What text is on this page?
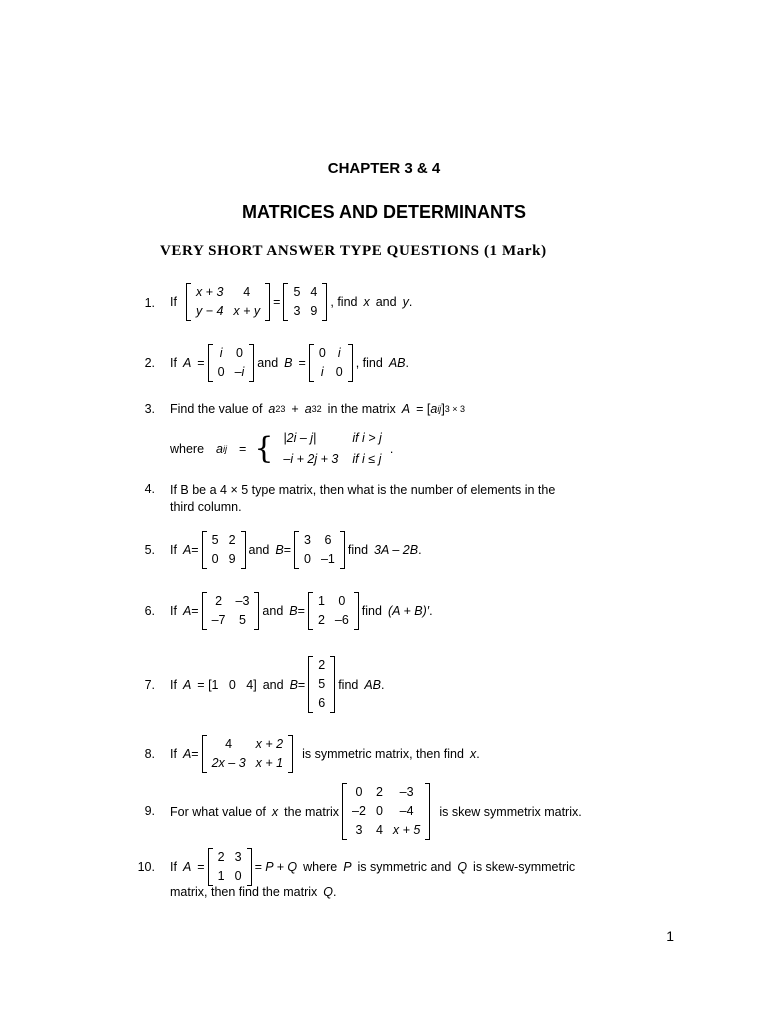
CHAPTER 3 & 4
MATRICES AND DETERMINANTS
VERY SHORT ANSWER TYPE QUESTIONS (1 Mark)
1. If
x + 3	4
y − 4	x + y
=
5	4
3	9
, find x and y .
2. If A =
i	0
0	–i
and B =
0	i
i	0
, find AB .
3. Find the value of a 23 + a 32 in the matrix A = [ a ij ] 3 × 3
where a ij = { |2i – j|	if i > j
–i + 2j + 3	if i ≤ j
.
4. If B be a 4 × 5 type matrix, then what is the number of elements in the
third column.
5. If A =
5	2
0	9
and B =
3	6
0	–1
find 3A – 2B .
6. If A =
2	–3
–7	5
and B =
1	0
2	–6
find (A + B)′ .
7. If A = [1   0   4] and B =
2
5
6
find AB .
8. If A =
4	x + 2
2x – 3	x + 1
is symmetric matrix, then find x .
9. For what value of x the matrix
0	2	–3
–2	0	–4
3	4	x + 5
is skew symmetrix matrix.
10. If A =
2	3
1	0
= P + Q where P is symmetric and Q is skew-symmetric
matrix, then find the matrix Q .
1
